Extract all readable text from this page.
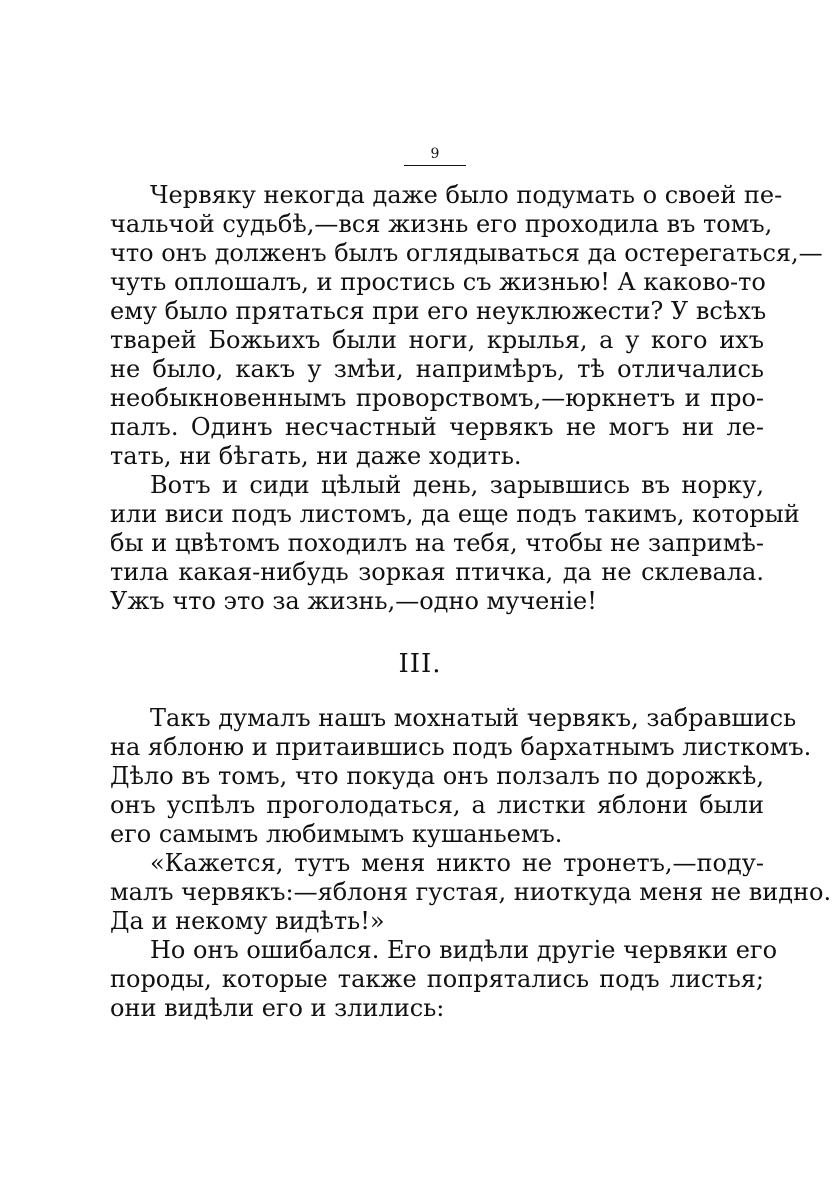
9
Червяку некогда даже было подумать о своей пе-
чальчой судьбѣ,—вся жизнь его проходила въ томъ,
что онъ долженъ былъ оглядываться да остерегаться,—
чуть оплошалъ, и простись съ жизнью! А каково-то
ему было прятаться при его неуклюжести? У всѣхъ
тварей Божьихъ были ноги, крылья, а у кого ихъ
не было, какъ у змѣи, напримѣръ, тѣ отличались
необыкновеннымъ проворствомъ,—юркнетъ и про-
палъ. Одинъ несчастный червякъ не могъ ни ле-
тать, ни бѣгать, ни даже ходить.
Вотъ и сиди цѣлый день, зарывшись въ норку,
или виси подъ листомъ, да еще подъ такимъ, который
бы и цвѣтомъ походилъ на тебя, чтобы не запримѣ-
тила какая-нибудь зоркая птичка, да не склевала.
Ужъ что это за жизнь,—одно мученіе!
III.
Такъ думалъ нашъ мохнатый червякъ, забравшись
на яблоню и притаившись подъ бархатнымъ листкомъ.
Дѣло въ томъ, что покуда онъ ползалъ по дорожкѣ,
онъ успѣлъ проголодаться, а листки яблони были
его самымъ любимымъ кушаньемъ.
«Кажется, тутъ меня никто не тронетъ,—поду-
малъ червякъ:—яблоня густая, ниоткуда меня не видно.
Да и некому видѣть!»
Но онъ ошибался. Его видѣли другіе червяки его
породы, которые также попрятались подъ листья;
они видѣли его и злились:
